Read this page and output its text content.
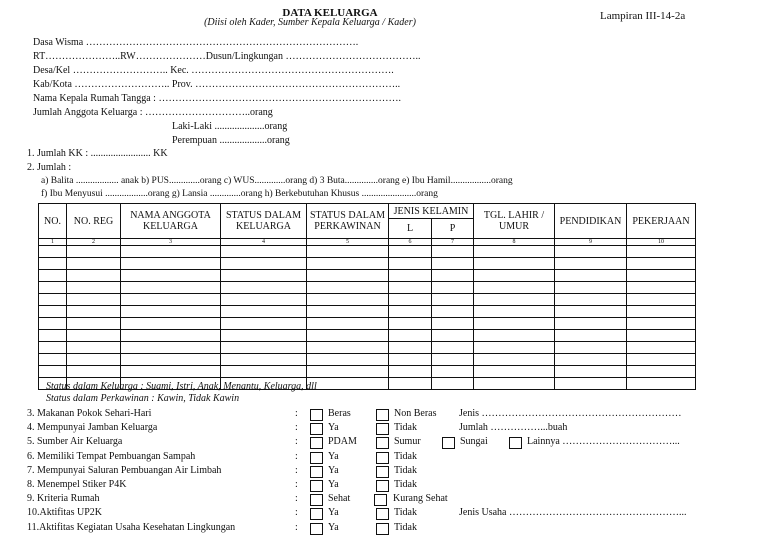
DATA KELUARGA
(Diisi oleh Kader, Sumber Kepala Keluarga / Kader)
Lampiran III-14-2a
Dasa Wisma ……………………………………………………………………….
RT…………………..RW…………………Dusun/Lingkungan …………………………………..
Desa/Kel ……………………….. Kec. …………………………………………………….
Kab/Kota ……………………….. Prov. ……………………………………………………..
Nama Kepala Rumah Tangga : ……………………………………………………………….
Jumlah Anggota Keluarga : …………………………..orang
Laki-Laki ....................orang
Perempuan ...................orang
1. Jumlah KK : ........................ KK
2. Jumlah :
a) Balita .................. anak b) PUS.............orang c) WUS.............orang d) 3 Buta..............orang e) Ibu Hamil.................orang
f) Ibu Menyusui ..................orang g) Lansia .............orang h) Berkebutuhan Khusus .......................orang
NO.	NO. REG	NAMA ANGGOTA KELUARGA	STATUS DALAM KELUARGA	STATUS DALAM PERKAWINAN	JENIS KELAMIN		TGL. LAHIR / UMUR	PENDIDIKAN	PEKERJAAN
					L	P			
1	2	3	4	5	6	7	8	9	10

Status dalam Keluarga : Suami, Istri, Anak, Menantu, Keluarga, dll
Status dalam Perkawinan : Kawin, Tidak Kawin
3. Makanan Pokok Sehari-Hari	:	Beras	Non Beras Jenis ……………………………………………………
4. Mempunyai Jamban Keluarga	:	Ya	Tidak	Jumlah ……………...buah
5. Sumber Air Keluarga	:	PDAM	Sumur	Sungai	Lainnya ……………………………...
6. Memiliki Tempat Pembuangan Sampah	:	Ya	Tidak
7. Mempunyai Saluran Pembuangan Air Limbah	:	Ya	Tidak
8. Menempel Stiker P4K	:	Ya	Tidak
9. Kriteria Rumah	:	Sehat	Kurang Sehat
10.Aktifitas UP2K	:	Ya	Tidak	Jenis Usaha ……………………………………………...
11.Aktifitas Kegiatan Usaha Kesehatan Lingkungan	:	Ya	Tidak
